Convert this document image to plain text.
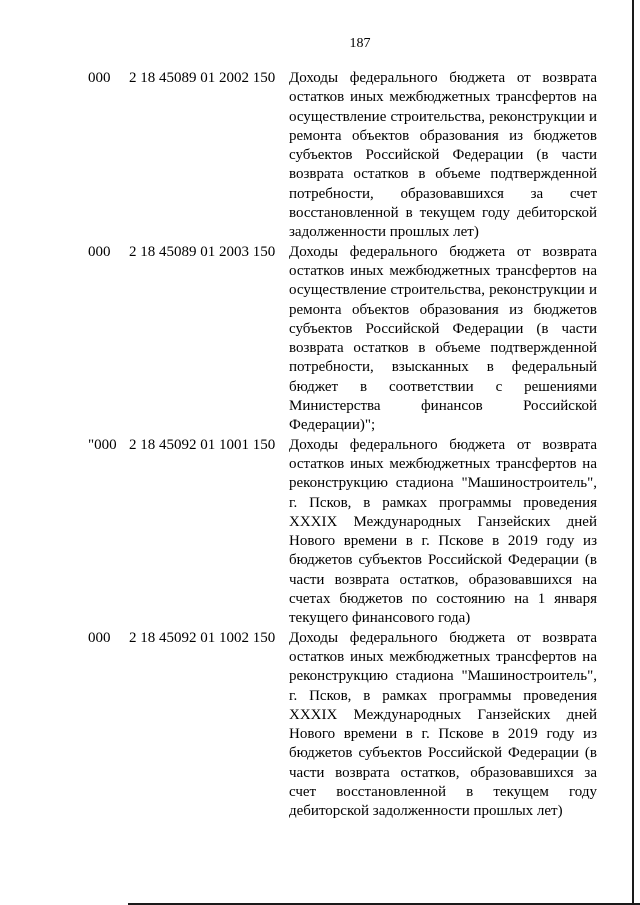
187
000 2 18 45089 01 2002 150 Доходы федерального бюджета от возврата
остатков иных межбюджетных трансфертов на
осуществление строительства, реконструкции и
ремонта объектов образования из бюджетов
субъектов Российской Федерации (в части
возврата остатков в объеме подтвержденной
потребности, образовавшихся за счет
восстановленной в текущем году дебиторской
задолженности прошлых лет)
000 2 18 45089 01 2003 150 Доходы федерального бюджета от возврата
остатков иных межбюджетных трансфертов на
осуществление строительства, реконструкции и
ремонта объектов образования из бюджетов
субъектов Российской Федерации (в части
возврата остатков в объеме подтвержденной
потребности, взысканных в федеральный
бюджет в соответствии с решениями
Министерства финансов Российской
Федерации)";
"000 2 18 45092 01 1001 150 Доходы федерального бюджета от возврата
остатков иных межбюджетных трансфертов на
реконструкцию стадиона "Машиностроитель",
г. Псков, в рамках программы проведения
XXXIX Международных Ганзейских дней
Нового времени в г. Пскове в 2019 году из
бюджетов субъектов Российской Федерации (в
части возврата остатков, образовавшихся на
счетах бюджетов по состоянию на 1 января
текущего финансового года)
000 2 18 45092 01 1002 150 Доходы федерального бюджета от возврата
остатков иных межбюджетных трансфертов на
реконструкцию стадиона "Машиностроитель",
г. Псков, в рамках программы проведения
XXXIX Международных Ганзейских дней
Нового времени в г. Пскове в 2019 году из
бюджетов субъектов Российской Федерации (в
части возврата остатков, образовавшихся за
счет восстановленной в текущем году
дебиторской задолженности прошлых лет)
